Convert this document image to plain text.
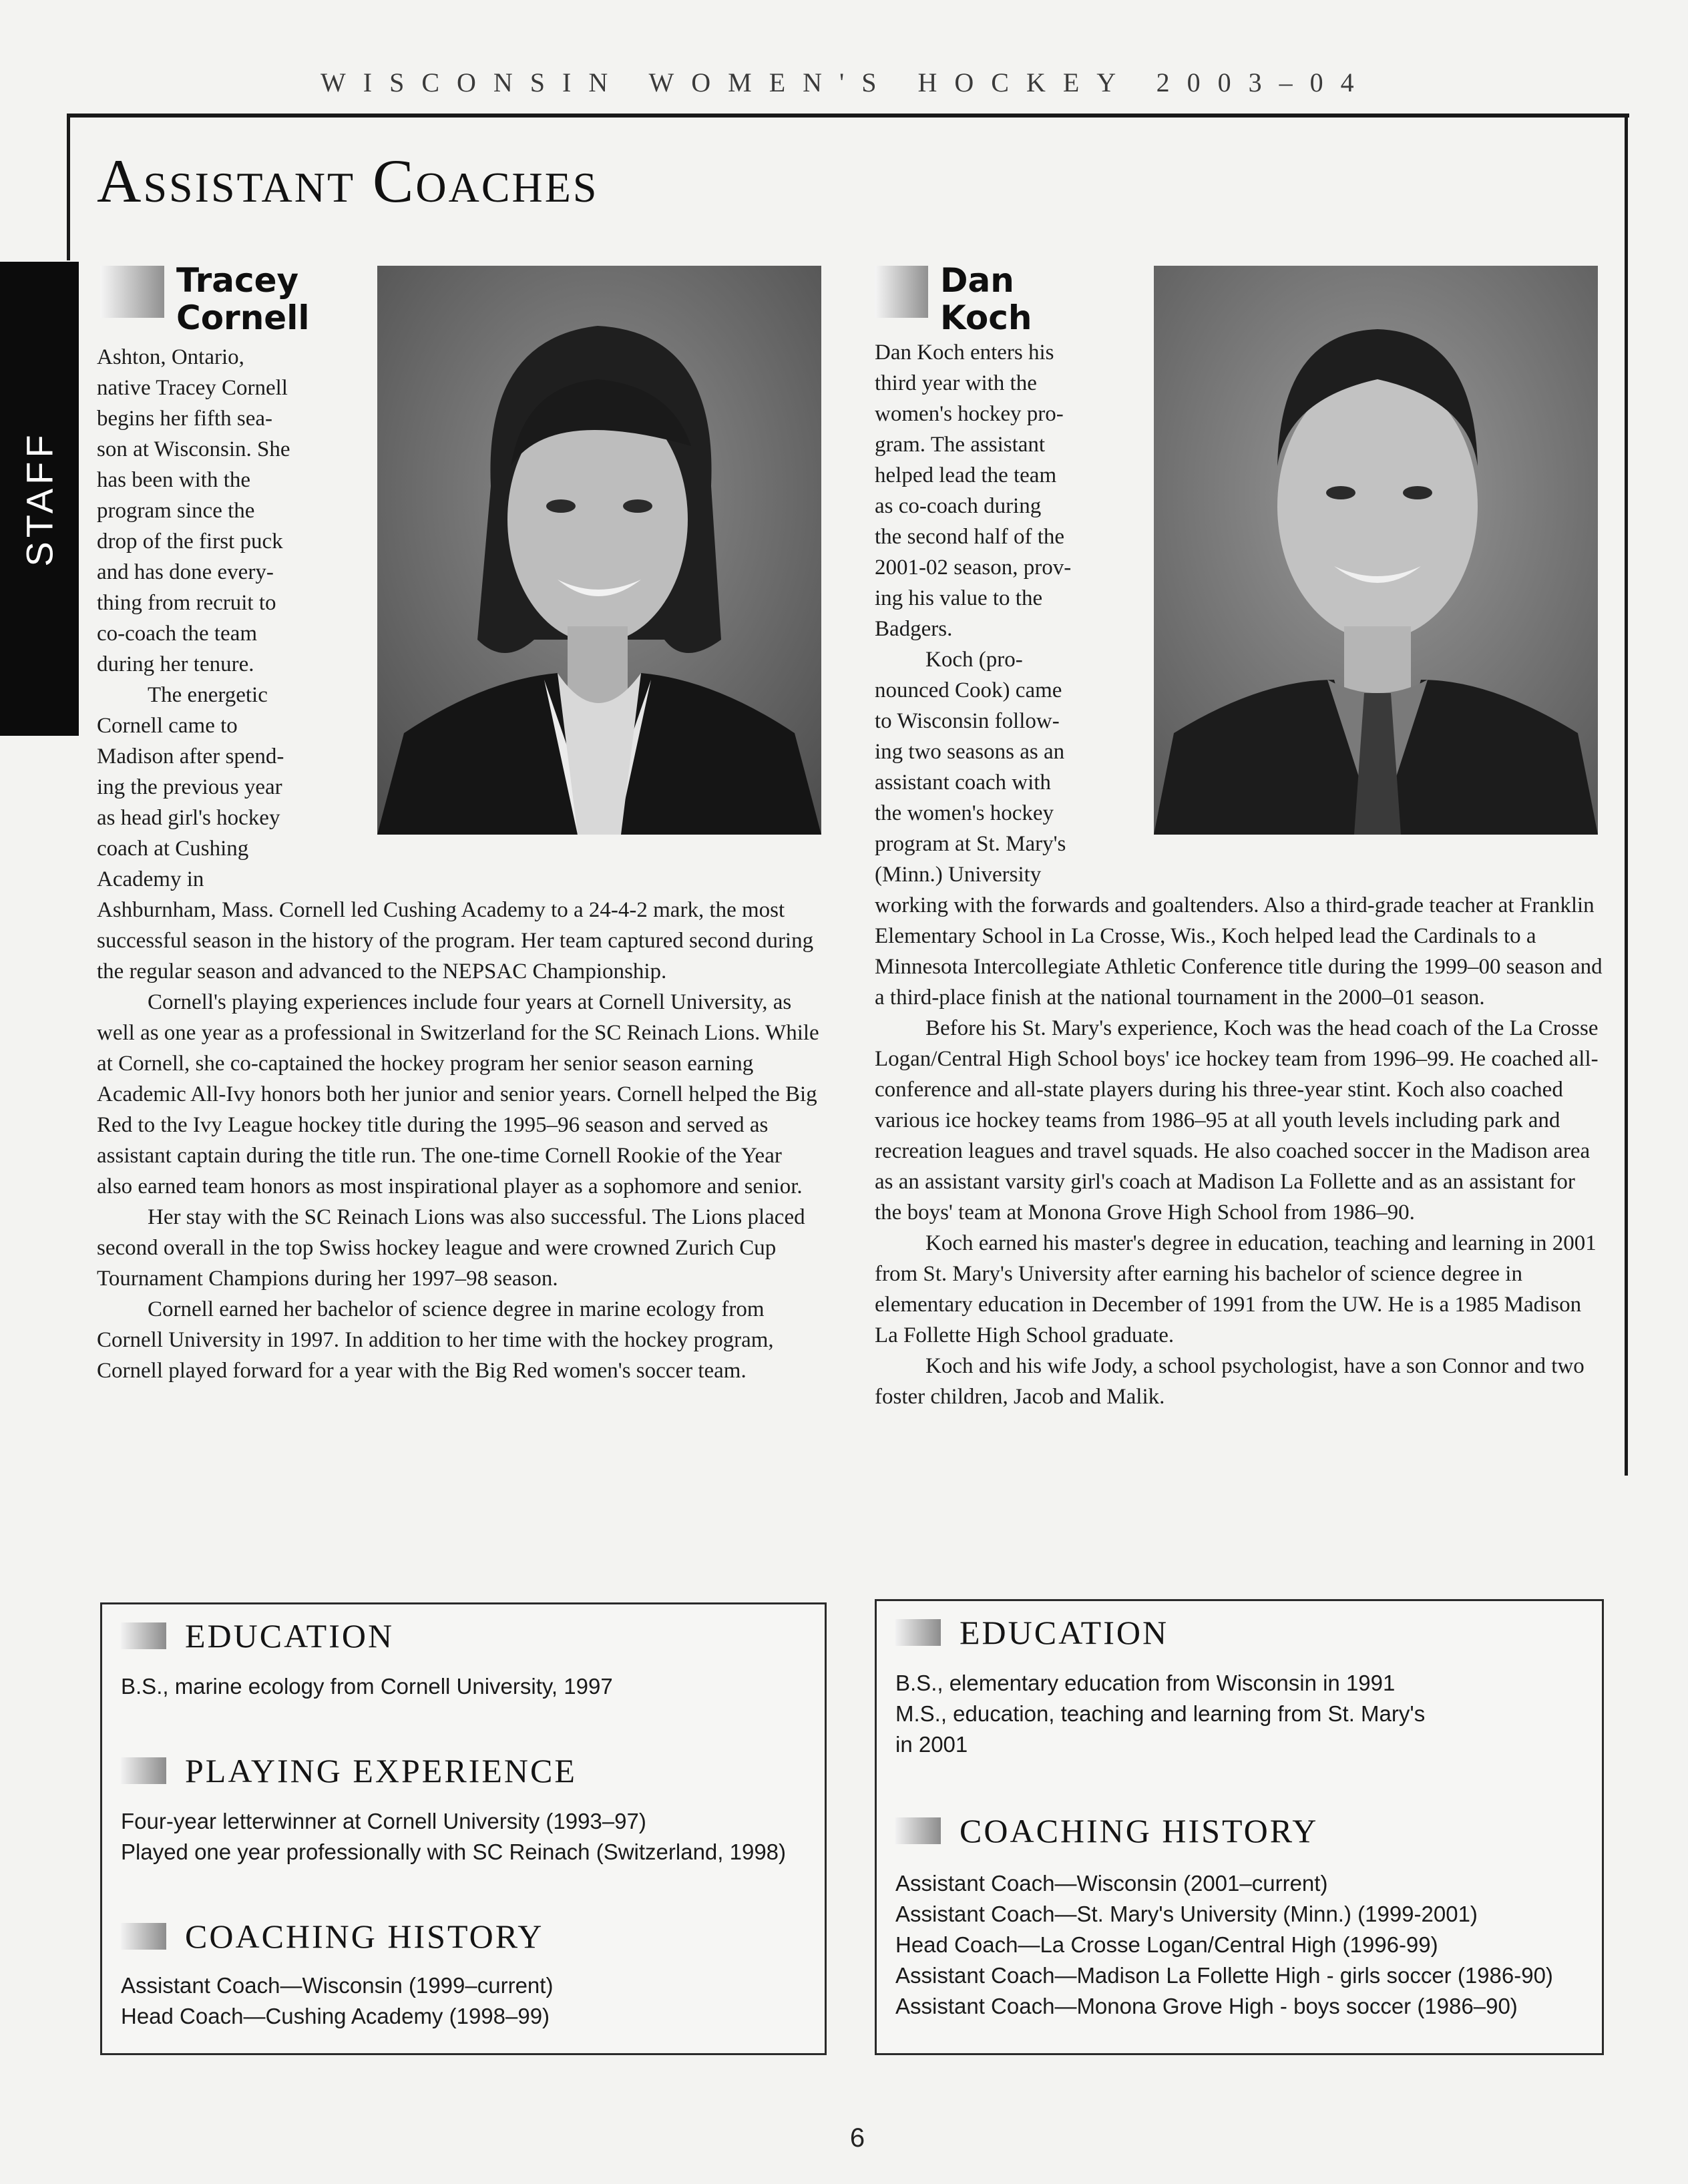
WISCONSIN WOMEN'S HOCKEY 2003–04
Assistant Coaches
STAFF
Tracey
Cornell
Ashton, Ontario,
native Tracey Cornell
begins her fifth sea-
son at Wisconsin. She
has been with the
program since the
drop of the first puck
and has done every-
thing from recruit to
co-coach the team
during her tenure.
The energetic
Cornell came to
Madison after spend-
ing the previous year
as head girl's hockey
coach at Cushing
Academy in

Ashburnham, Mass. Cornell led Cushing Academy to a 24-4-2 mark, the most successful season in the history of the program. Her team captured second during the regular season and advanced to the NEPSAC Championship.

Cornell's playing experiences include four years at Cornell University, as well as one year as a professional in Switzerland for the SC Reinach Lions. While at Cornell, she co-captained the hockey program her senior season earning Academic All-Ivy honors both her junior and senior years. Cornell helped the Big Red to the Ivy League hockey title during the 1995–96 season and served as assistant captain during the title run. The one-time Cornell Rookie of the Year also earned team honors as most inspirational player as a sophomore and senior.

Her stay with the SC Reinach Lions was also successful. The Lions placed second overall in the top Swiss hockey league and were crowned Zurich Cup Tournament Champions during her 1997–98 season.

Cornell earned her bachelor of science degree in marine ecology from Cornell University in 1997. In addition to her time with the hockey program, Cornell played forward for a year with the Big Red women's soccer team.

Dan
Koch
Dan Koch enters his
third year with the
women's hockey pro-
gram. The assistant
helped lead the team
as co-coach during
the second half of the
2001-02 season, prov-
ing his value to the
Badgers.
Koch (pro-
nounced Cook) came
to Wisconsin follow-
ing two seasons as an
assistant coach with
the women's hockey
program at St. Mary's
(Minn.) University

working with the forwards and goaltenders. Also a third-grade teacher at Franklin Elementary School in La Crosse, Wis., Koch helped lead the Cardinals to a Minnesota Intercollegiate Athletic Conference title during the 1999–00 season and a third-place finish at the national tournament in the 2000–01 season.

Before his St. Mary's experience, Koch was the head coach of the La Crosse Logan/Central High School boys' ice hockey team from 1996–99. He coached all-conference and all-state players during his three-year stint. Koch also coached various ice hockey teams from 1986–95 at all youth levels including park and recreation leagues and travel squads. He also coached soccer in the Madison area as an assistant varsity girl's coach at Madison La Follette and as an assistant for the boys' team at Monona Grove High School from 1986–90.

Koch earned his master's degree in education, teaching and learning in 2001 from St. Mary's University after earning his bachelor of science degree in elementary education in December of 1991 from the UW. He is a 1985 Madison La Follette High School graduate.

Koch and his wife Jody, a school psychologist, have a son Connor and two foster children, Jacob and Malik.

EDUCATION
B.S., marine ecology from Cornell University, 1997
PLAYING EXPERIENCE
Four-year letterwinner at Cornell University (1993–97)
Played one year professionally with SC Reinach (Switzerland, 1998)
COACHING HISTORY
Assistant Coach—Wisconsin (1999–current)
Head Coach—Cushing Academy (1998–99)
EDUCATION
B.S., elementary education from Wisconsin in 1991
M.S., education, teaching and learning from St. Mary's
in 2001
COACHING HISTORY
Assistant Coach—Wisconsin (2001–current)
Assistant Coach—St. Mary's University (Minn.) (1999-2001)
Head Coach—La Crosse Logan/Central High (1996-99)
Assistant Coach—Madison La Follette High - girls soccer (1986-90)
Assistant Coach—Monona Grove High - boys soccer (1986–90)
6
